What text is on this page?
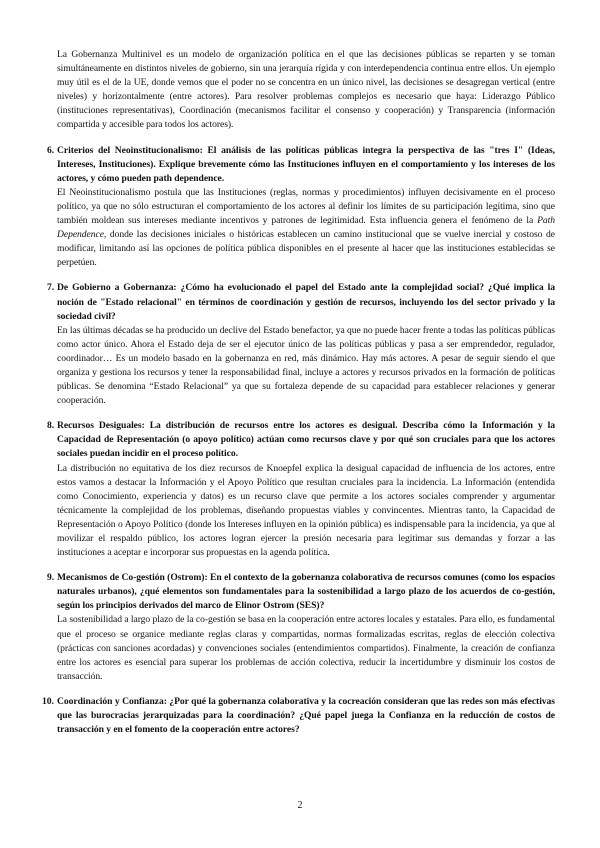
La Gobernanza Multinivel es un modelo de organización política en el que las decisiones públicas se reparten y se toman simultáneamente en distintos niveles de gobierno, sin una jerarquía rígida y con interdependencia continua entre ellos. Un ejemplo muy útil es el de la UE, donde vemos que el poder no se concentra en un único nivel, las decisiones se desagregan vertical (entre niveles) y horizontalmente (entre actores). Para resolver problemas complejos es necesario que haya: Liderazgo Público (instituciones representativas), Coordinación (mecanismos facilitar el consenso y cooperación) y Transparencia (información compartida y accesible para todos los actores).

6. Criterios del Neoinstitucionalismo: El análisis de las políticas públicas integra la perspectiva de las "tres I" (Ideas, Intereses, Instituciones). Explique brevemente cómo las Instituciones influyen en el comportamiento y los intereses de los actores, y cómo pueden path dependence.

El Neoinstitucionalismo postula que las Instituciones (reglas, normas y procedimientos) influyen decisivamente en el proceso político, ya que no sólo estructuran el comportamiento de los actores al definir los límites de su participación legítima, sino que también moldean sus intereses mediante incentivos y patrones de legitimidad. Esta influencia genera el fenómeno de la Path Dependence, donde las decisiones iniciales o históricas establecen un camino institucional que se vuelve inercial y costoso de modificar, limitando así las opciones de política pública disponibles en el presente al hacer que las instituciones establecidas se perpetúen.

7. De Gobierno a Gobernanza: ¿Cómo ha evolucionado el papel del Estado ante la complejidad social? ¿Qué implica la noción de "Estado relacional" en términos de coordinación y gestión de recursos, incluyendo los del sector privado y la sociedad civil?

En las últimas décadas se ha producido un declive del Estado benefactor, ya que no puede hacer frente a todas las políticas públicas como actor único. Ahora el Estado deja de ser el ejecutor único de las políticas públicas y pasa a ser emprendedor, regulador, coordinador… Es un modelo basado en la gobernanza en red, más dinámico. Hay más actores. A pesar de seguir siendo el que organiza y gestiona los recursos y tener la responsabilidad final, incluye a actores y recursos privados en la formación de políticas públicas. Se denomina “Estado Relacional” ya que su fortaleza depende de su capacidad para establecer relaciones y generar cooperación.

8. Recursos Desiguales: La distribución de recursos entre los actores es desigual. Describa cómo la Información y la Capacidad de Representación (o apoyo político) actúan como recursos clave y por qué son cruciales para que los actores sociales puedan incidir en el proceso político.

La distribución no equitativa de los diez recursos de Knoepfel explica la desigual capacidad de influencia de los actores, entre estos vamos a destacar la Información y el Apoyo Político que resultan cruciales para la incidencia. La Información (entendida como Conocimiento, experiencia y datos) es un recurso clave que permite a los actores sociales comprender y argumentar técnicamente la complejidad de los problemas, diseñando propuestas viables y convincentes. Mientras tanto, la Capacidad de Representación o Apoyo Político (donde los Intereses influyen en la opinión pública) es indispensable para la incidencia, ya que al movilizar el respaldo público, los actores logran ejercer la presión necesaria para legitimar sus demandas y forzar a las instituciones a aceptar e incorporar sus propuestas en la agenda política.

9. Mecanismos de Co-gestión (Ostrom): En el contexto de la gobernanza colaborativa de recursos comunes (como los espacios naturales urbanos), ¿qué elementos son fundamentales para la sostenibilidad a largo plazo de los acuerdos de co-gestión, según los principios derivados del marco de Elinor Ostrom (SES)?

La sostenibilidad a largo plazo de la co-gestión se basa en la cooperación entre actores locales y estatales. Para ello, es fundamental que el proceso se organice mediante reglas claras y compartidas, normas formalizadas escritas, reglas de elección colectiva (prácticas con sanciones acordadas) y convenciones sociales (entendimientos compartidos). Finalmente, la creación de confianza entre los actores es esencial para superar los problemas de acción colectiva, reducir la incertidumbre y disminuir los costos de transacción.

10. Coordinación y Confianza: ¿Por qué la gobernanza colaborativa y la cocreación consideran que las redes son más efectivas que las burocracias jerarquizadas para la coordinación? ¿Qué papel juega la Confianza en la reducción de costos de transacción y en el fomento de la cooperación entre actores?
2
